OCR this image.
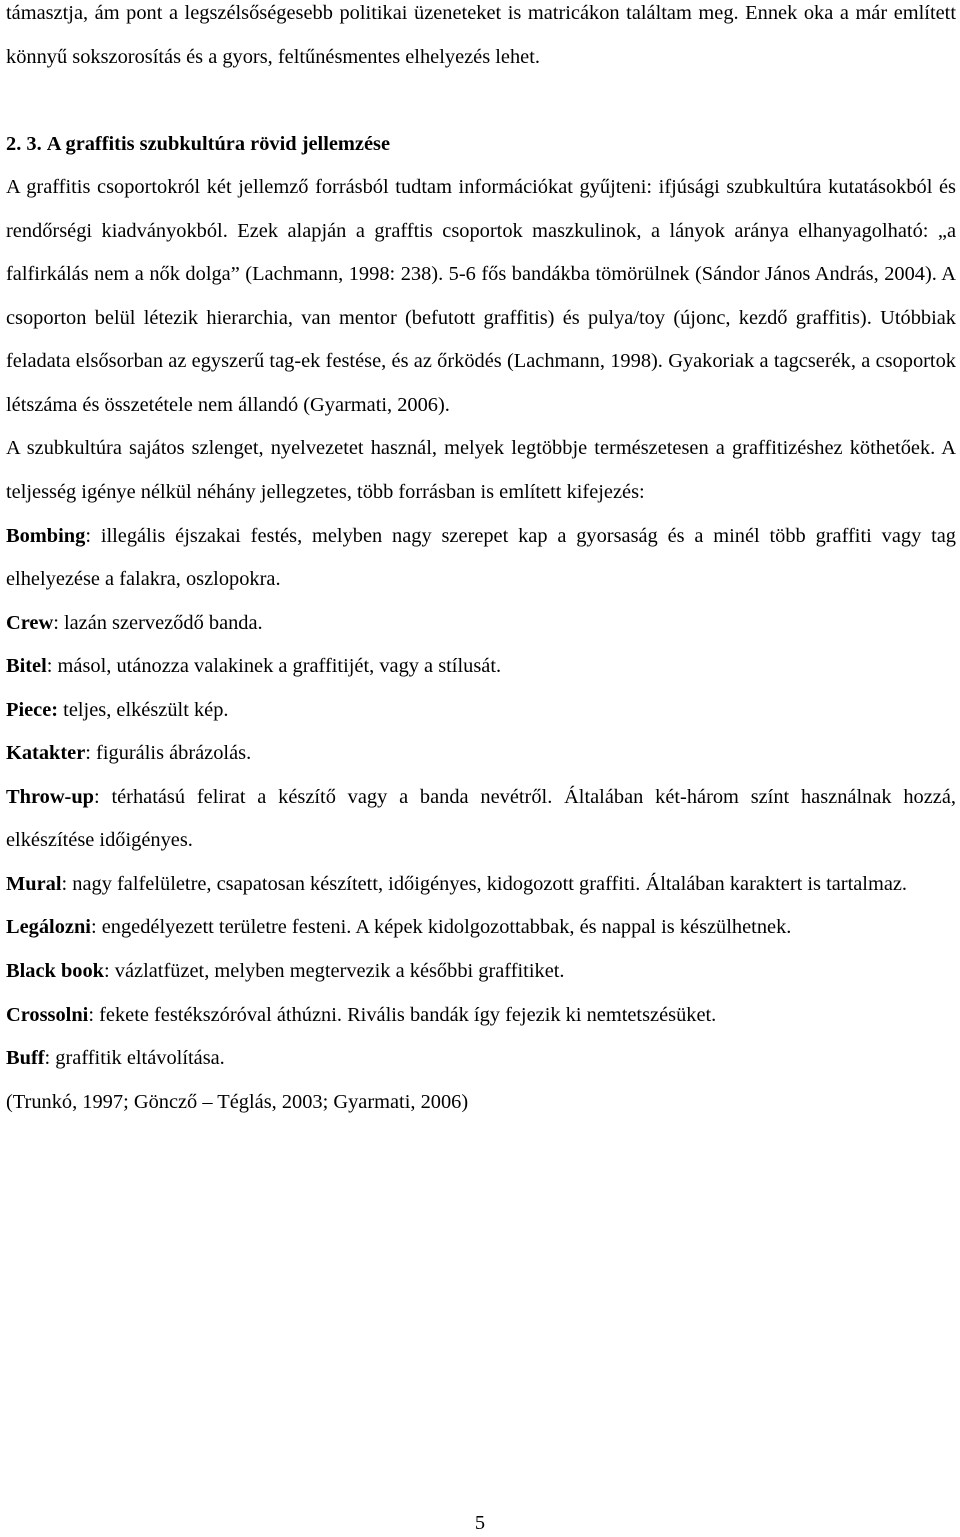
támasztja, ám pont a legszélsőségesebb politikai üzeneteket is matricákon találtam meg. Ennek oka a már említett könnyű sokszorosítás és a gyors, feltűnésmentes elhelyezés lehet.

2. 3. A graffitis szubkultúra rövid jellemzése

A graffitis csoportokról két jellemző forrásból tudtam információkat gyűjteni: ifjúsági szubkultúra kutatásokból és rendőrségi kiadványokból. Ezek alapján a grafftis csoportok maszkulinok, a lányok aránya elhanyagolható: „a falfirkálás nem a nők dolga” (Lachmann, 1998: 238). 5-6 fős bandákba tömörülnek (Sándor János András, 2004). A csoporton belül létezik hierarchia, van mentor (befutott graffitis) és pulya/toy (újonc, kezdő graffitis). Utóbbiak feladata elsősorban az egyszerű tag-ek festése, és az őrködés (Lachmann, 1998). Gyakoriak a tagcserék, a csoportok létszáma és összetétele nem állandó (Gyarmati, 2006).

A szubkultúra sajátos szlenget, nyelvezetet használ, melyek legtöbbje természetesen a graffitizéshez köthetőek. A teljesség igénye nélkül néhány jellegzetes, több forrásban is említett kifejezés:

Bombing: illegális éjszakai festés, melyben nagy szerepet kap a gyorsaság és a minél több graffiti vagy tag elhelyezése a falakra, oszlopokra.

Crew: lazán szerveződő banda.

Bitel: másol, utánozza valakinek a graffitijét, vagy a stílusát.

Piece: teljes, elkészült kép.

Katakter: figurális ábrázolás.

Throw-up: térhatású felirat a készítő vagy a banda nevétről. Általában két-három színt használnak hozzá, elkészítése időigényes.

Mural: nagy falfelületre, csapatosan készített, időigényes, kidogozott graffiti. Általában karaktert is tartalmaz.

Legálozni: engedélyezett területre festeni. A képek kidolgozottabbak, és nappal is készülhetnek.

Black book: vázlatfüzet, melyben megtervezik a későbbi graffitiket.

Crossolni: fekete festékszóróval áthúzni. Rivális bandák így fejezik ki nemtetszésüket.

Buff: graffitik eltávolítása.

(Trunkó, 1997; Göncző – Téglás, 2003; Gyarmati, 2006)

5
